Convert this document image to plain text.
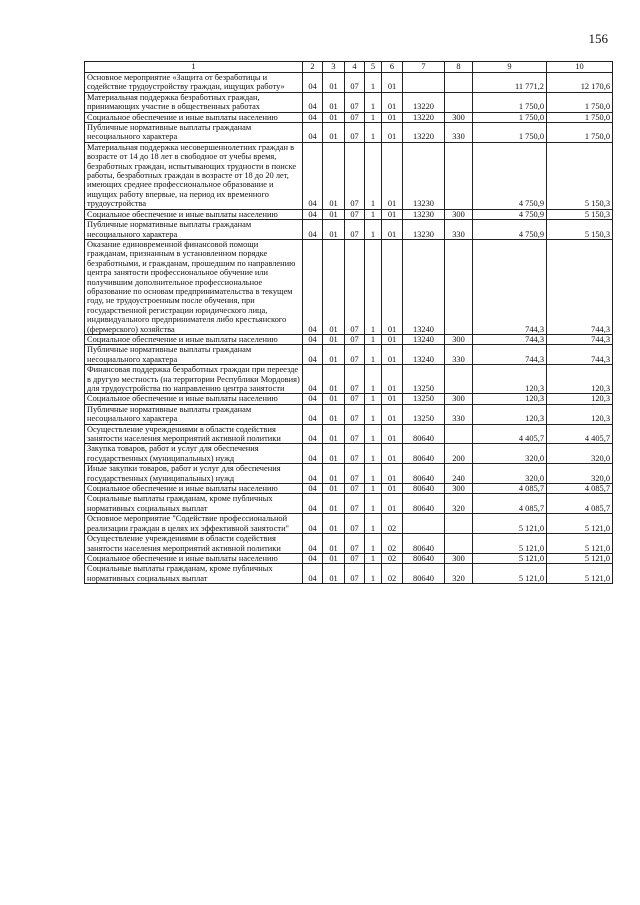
156
1	2	3	4	5	6	7	8	9	10
Основное мероприятие «Защита от безработицы и содействие трудоустройству граждан, ищущих работу»	04	01	07	1	01			11 771,2	12 170,6
Материальная поддержка безработных граждан, принимающих участие в общественных работах	04	01	07	1	01	13220		1 750,0	1 750,0
Социальное обеспечение и иные выплаты населению	04	01	07	1	01	13220	300	1 750,0	1 750,0
Публичные нормативные выплаты гражданам несоциального характера	04	01	07	1	01	13220	330	1 750,0	1 750,0
Материальная поддержка несовершеннолетних граждан в возрасте от 14 до 18 лет в свободное от учебы время, безработных граждан, испытывающих трудности в поиске работы, безработных граждан в возрасте от 18 до 20 лет, имеющих среднее профессиональное образование и ищущих работу впервые, на период их временного трудоустройства	04	01	07	1	01	13230		4 750,9	5 150,3
Социальное обеспечение и иные выплаты населению	04	01	07	1	01	13230	300	4 750,9	5 150,3
Публичные нормативные выплаты гражданам несоциального характера	04	01	07	1	01	13230	330	4 750,9	5 150,3
Оказание единовременной финансовой помощи гражданам, признанным в установленном порядке безработными, и гражданам, прошедшим по направлению центра занятости профессиональное обучение или получившим дополнительное профессиональное образование по основам предпринимательства в текущем году, не трудоустроенным после обучения, при государственной регистрации юридического лица, индивидуального предпринимателя либо крестьянского (фермерского) хозяйства	04	01	07	1	01	13240		744,3	744,3
Социальное обеспечение и иные выплаты населению	04	01	07	1	01	13240	300	744,3	744,3
Публичные нормативные выплаты гражданам несоциального характера	04	01	07	1	01	13240	330	744,3	744,3
Финансовая поддержка безработных граждан при переезде в другую местность (на территории Республики Мордовия) для трудоустройства по направлению центра занятости	04	01	07	1	01	13250		120,3	120,3
Социальное обеспечение и иные выплаты населению	04	01	07	1	01	13250	300	120,3	120,3
Публичные нормативные выплаты гражданам несоциального характера	04	01	07	1	01	13250	330	120,3	120,3
Осуществление учреждениями в области содействия занятости населения мероприятий активной политики	04	01	07	1	01	80640		4 405,7	4 405,7
Закупка товаров, работ и услуг для обеспечения государственных (муниципальных) нужд	04	01	07	1	01	80640	200	320,0	320,0
Иные закупки товаров, работ и услуг для обеспечения государственных (муниципальных) нужд	04	01	07	1	01	80640	240	320,0	320,0
Социальное обеспечение и иные выплаты населению	04	01	07	1	01	80640	300	4 085,7	4 085,7
Социальные выплаты гражданам, кроме публичных нормативных социальных выплат	04	01	07	1	01	80640	320	4 085,7	4 085,7
Основное мероприятие "Содействие профессиональной реализации граждан в целях их эффективной занятости"	04	01	07	1	02			5 121,0	5 121,0
Осуществление учреждениями в области содействия занятости населения мероприятий активной политики	04	01	07	1	02	80640		5 121,0	5 121,0
Социальное обеспечение и иные выплаты населению	04	01	07	1	02	80640	300	5 121,0	5 121,0
Социальные выплаты гражданам, кроме публичных нормативных социальных выплат	04	01	07	1	02	80640	320	5 121,0	5 121,0
